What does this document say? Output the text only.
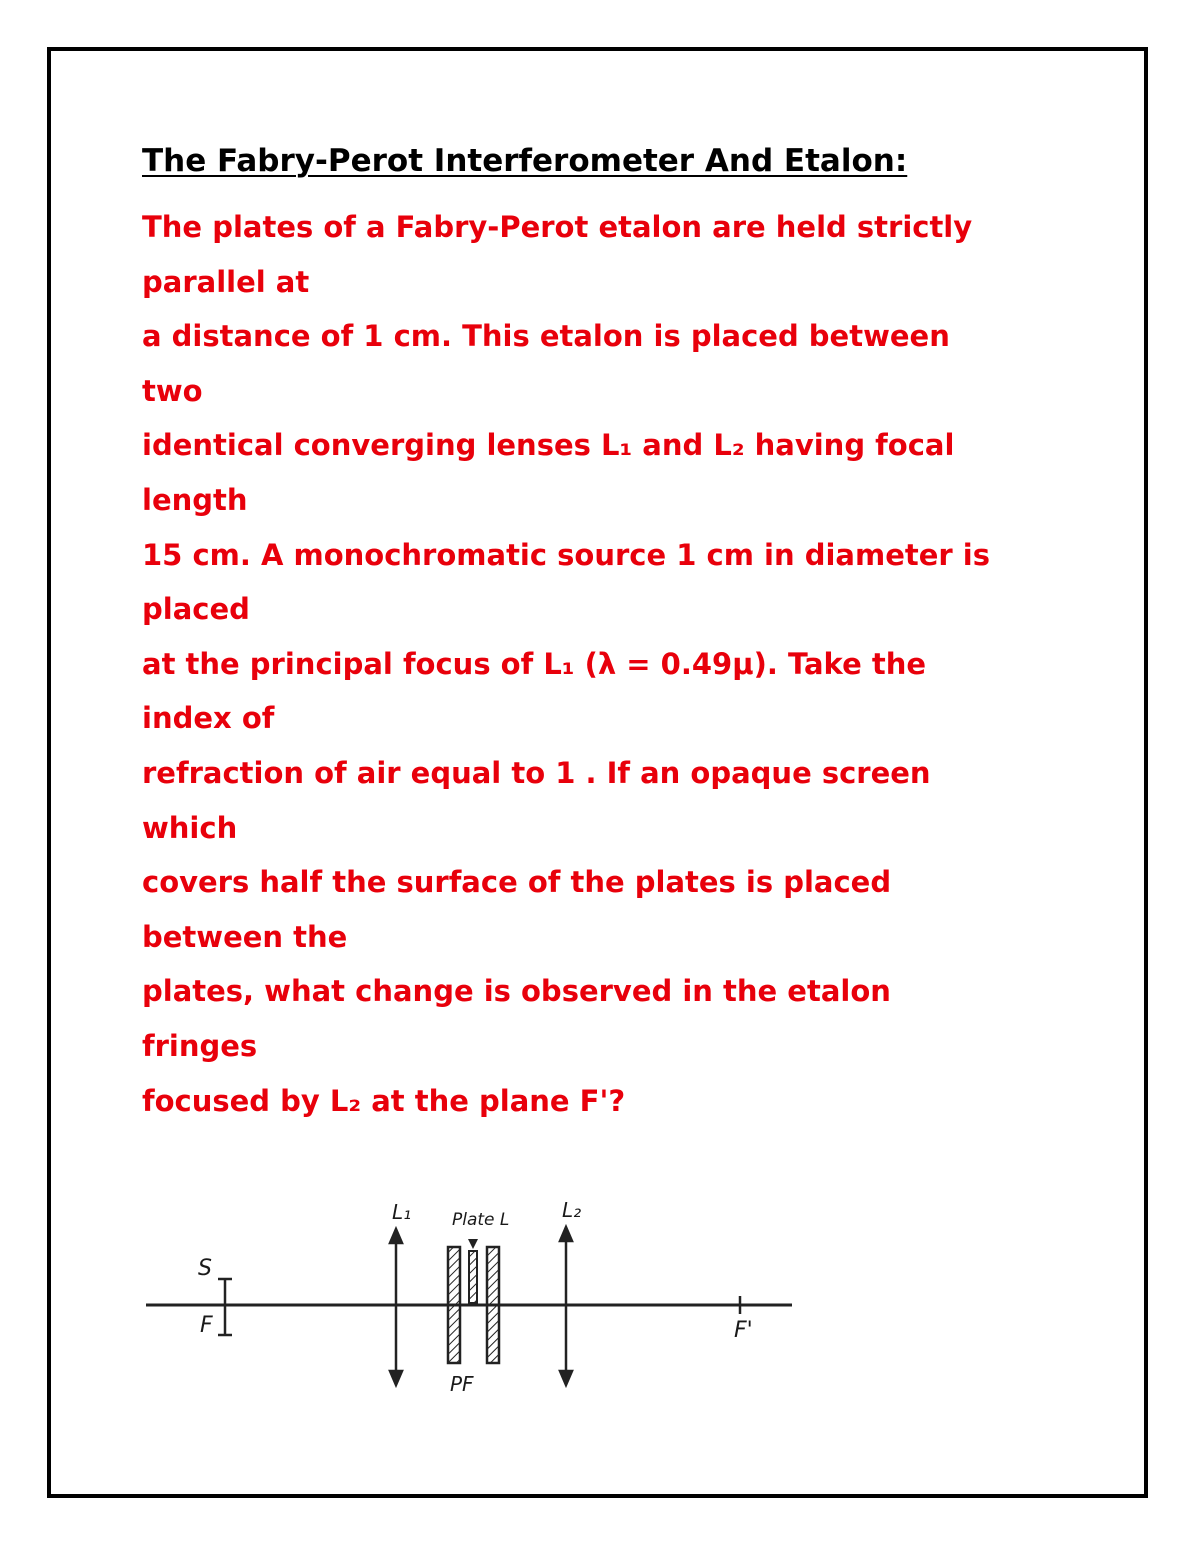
The Fabry-Perot Interferometer And Etalon:
The plates of a Fabry-Perot etalon are held strictly
parallel at
a distance of 1 cm. This etalon is placed between
two
identical converging lenses L₁ and L₂ having focal
length
15 cm. A monochromatic source 1 cm in diameter is
placed
at the principal focus of L₁ (λ = 0.49μ). Take the
index of
refraction of air equal to 1 . If an opaque screen
which
covers half the surface of the plates is placed
between the
plates, what change is observed in the etalon
fringes
focused by L₂ at the plane F'?
S
F
L₁ Plate L
PF
L₂
F'
